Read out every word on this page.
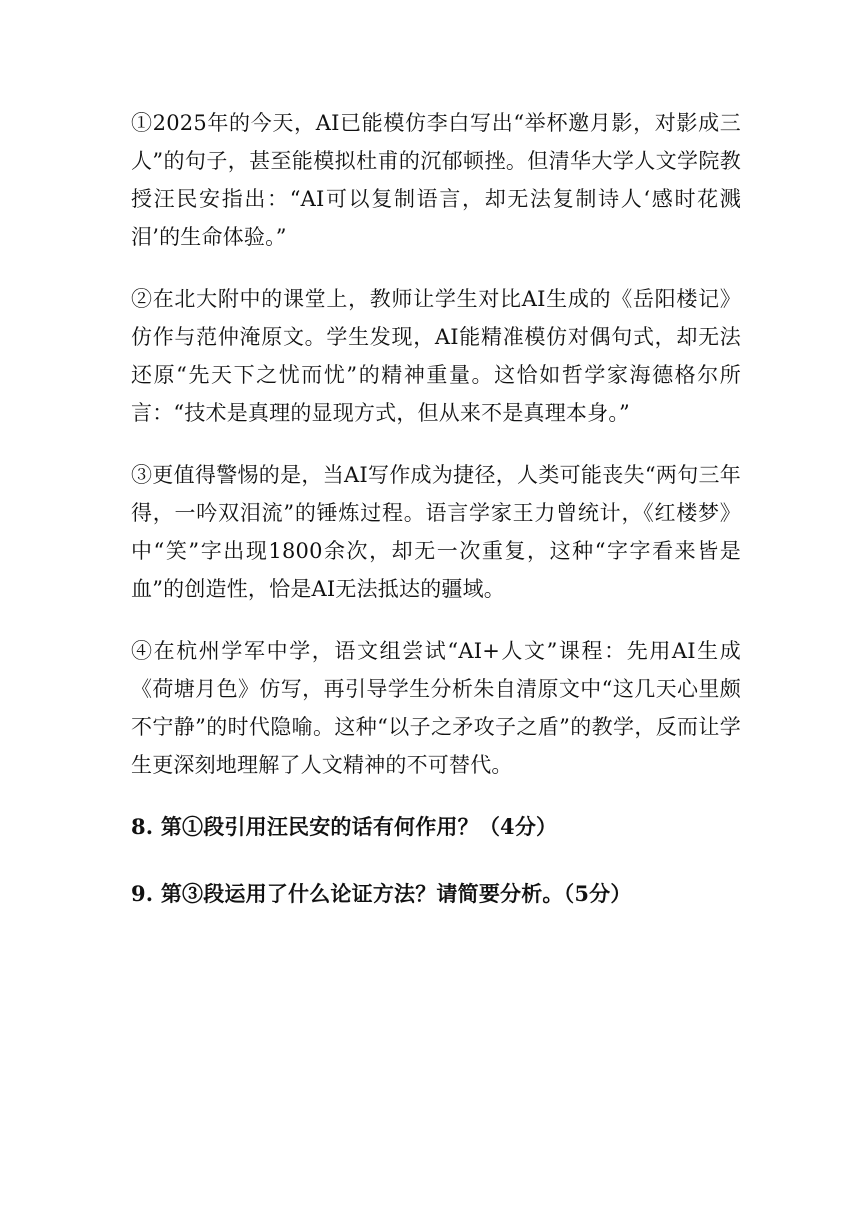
①2025年的今天，AI已能模仿李白写出“举杯邀月影，对影成三人”的句子，甚至能模拟杜甫的沉郁顿挫。但清华大学人文学院教授汪民安指出：“AI可以复制语言，却无法复制诗人‘感时花溅泪’的生命体验。”

②在北大附中的课堂上，教师让学生对比AI生成的《岳阳楼记》仿作与范仲淹原文。学生发现，AI能精准模仿对偶句式，却无法还原“先天下之忧而忧”的精神重量。这恰如哲学家海德格尔所言：“技术是真理的显现方式，但从来不是真理本身。”

③更值得警惕的是，当AI写作成为捷径，人类可能丧失“两句三年得，一吟双泪流”的锤炼过程。语言学家王力曾统计，《红楼梦》中“笑”字出现1800余次，却无一次重复，这种“字字看来皆是血”的创造性，恰是AI无法抵达的疆域。

④在杭州学军中学，语文组尝试“AI+人文”课程：先用AI生成《荷塘月色》仿写，再引导学生分析朱自清原文中“这几天心里颇不宁静”的时代隐喻。这种“以子之矛攻子之盾”的教学，反而让学生更深刻地理解了人文精神的不可替代。

8. 第①段引用汪民安的话有何作用？（4分）

9. 第③段运用了什么论证方法？请简要分析。（5分）
